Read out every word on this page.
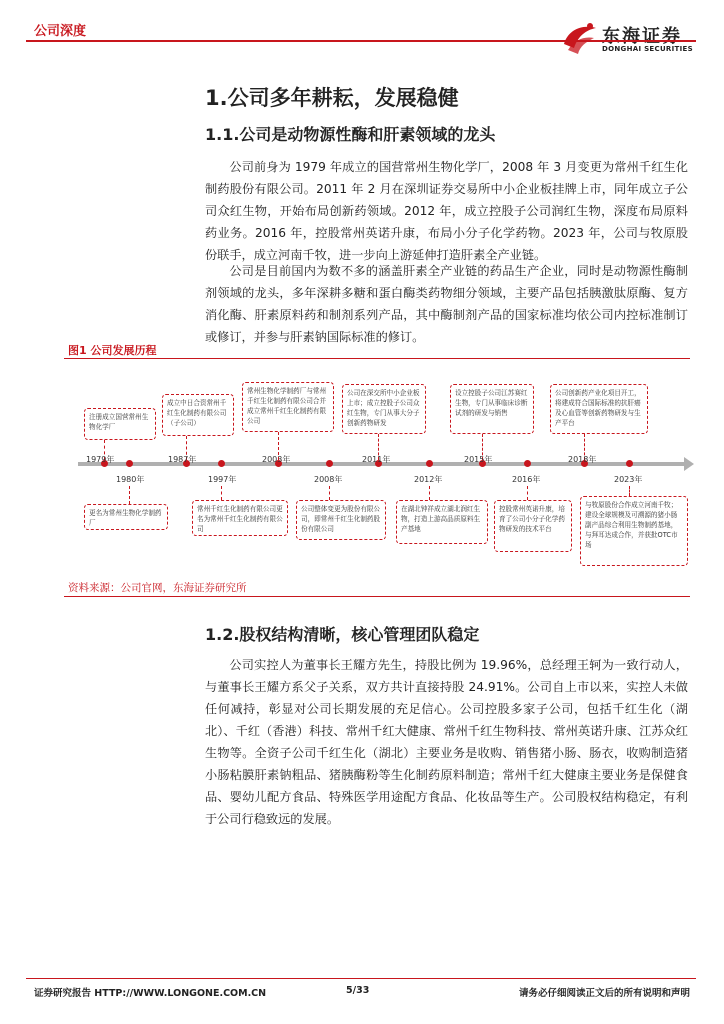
公司深度	东海证券
DONGHAI SECURITIES
1.公司多年耕耘，发展稳健
1.1.公司是动物源性酶和肝素领域的龙头

公司前身为 1979 年成立的国营常州生物化学厂，2008 年 3 月变更为常州千红生化制药股份有限公司。2011 年 2 月在深圳证券交易所中小企业板挂牌上市，同年成立子公司众红生物，开始布局创新药领域。2012 年，成立控股子公司润红生物，深度布局原料药业务。2016 年，控股常州英诺升康，布局小分子化学药物。2023 年，公司与牧原股份联手，成立河南千牧，进一步向上游延伸打造肝素全产业链。

公司是目前国内为数不多的涵盖肝素全产业链的药品生产企业，同时是动物源性酶制剂领域的龙头，多年深耕多糖和蛋白酶类药物细分领域，主要产品包括胰激肽原酶、复方消化酶、肝素原料药和制剂系列产品，其中酶制剂产品的国家标准均依公司内控标准制订或修订，并参与肝素钠国际标准的修订。

图1 公司发展历程
注册成立国营常州生物化学厂
1979年
成立中日合资常州千红生化制药有限公司（子公司）
1987年
常州生物化学制药厂与常州千红生化制药有限公司合并成立常州千红生化制药有限公司
2003年
公司在深交所中小企业板上市；成立控股子公司众红生物，专门从事大分子创新药物研发
2011年
设立控股子公司江苏赛红生物，专门从事临床诊断试剂的研发与销售
2015年
公司创新药产业化项目开工，将建成符合国际标准的抗肝癌及心血管等创新药物研发与生产平台
2018年
1980年
更名为常州生物化学制药厂
1997年
常州千红生化制药有限公司更名为常州千红生化制药有限公司
2008年
公司整体变更为股份有限公司，即常州千红生化制药股份有限公司
2012年
在湖北钟祥成立湖北润红生物，打造上游高品质原料生产基地
2016年
控股常州英诺升康，培育了公司小分子化学药物研发的技术平台
2023年
与牧原股份合作成立河南千牧；建设全球规模及可溯源的猪小肠副产品综合利用生物制药基地，与拜耳达成合作，并获批OTC市场
资料来源：公司官网，东海证券研究所
1.2.股权结构清晰，核心管理团队稳定

公司实控人为董事长王耀方先生，持股比例为 19.96%，总经理王轲为一致行动人，与董事长王耀方系父子关系，双方共计直接持股 24.91%。公司自上市以来，实控人未做任何减持，彰显对公司长期发展的充足信心。公司控股多家子公司，包括千红生化（湖北）、千红（香港）科技、常州千红大健康、常州千红生物科技、常州英诺升康、江苏众红生物等。全资子公司千红生化（湖北）主要业务是收购、销售猪小肠、肠衣，收购制造猪小肠粘膜肝素钠粗品、猪胰酶粉等生化制药原料制造；常州千红大健康主要业务是保健食品、婴幼儿配方食品、特殊医学用途配方食品、化妆品等生产。公司股权结构稳定，有利于公司行稳致远的发展。

证券研究报告 HTTP://WWW.LONGONE.COM.CN	5/33	请务必仔细阅读正文后的所有说明和声明
